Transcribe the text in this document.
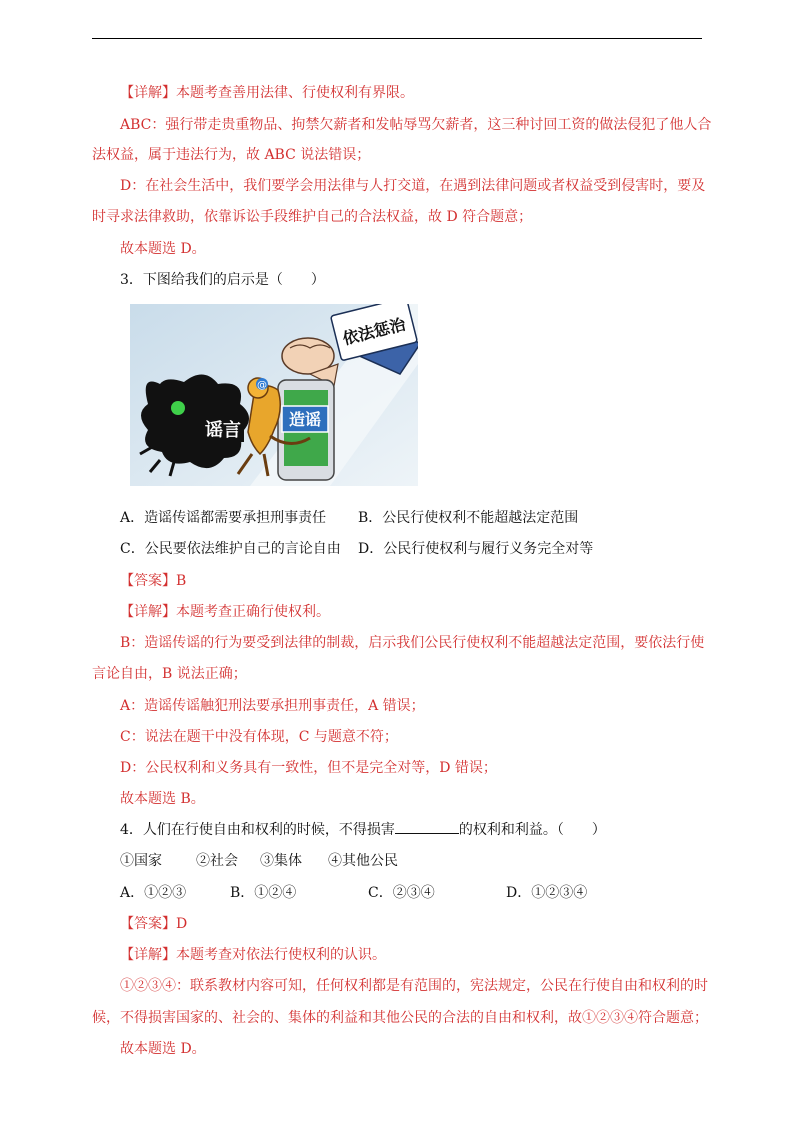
【详解】本题考查善用法律、行使权利有界限。
ABC：强行带走贵重物品、拘禁欠薪者和发帖辱骂欠薪者，这三种讨回工资的做法侵犯了他人合
法权益，属于违法行为，故 ABC 说法错误；
D：在社会生活中，我们要学会用法律与人打交道，在遇到法律问题或者权益受到侵害时，要及
时寻求法律救助，依靠诉讼手段维护自己的合法权益，故 D 符合题意；
故本题选 D。
3．下图给我们的启示是（　　）
@
谣言
造谣
依法惩治
A．造谣传谣都需要承担刑事责任 B．公民行使权利不能超越法定范围
C．公民要依法维护自己的言论自由 D．公民行使权利与履行义务完全对等
【答案】B
【详解】本题考查正确行使权利。
B：造谣传谣的行为要受到法律的制裁，启示我们公民行使权利不能超越法定范围，要依法行使
言论自由，B 说法正确；
A：造谣传谣触犯刑法要承担刑事责任，A 错误；
C：说法在题干中没有体现，C 与题意不符；
D：公民权利和义务具有一致性，但不是完全对等，D 错误；
故本题选 B。
4．人们在行使自由和权利的时候，不得损害	的权利和利益。（　　）
①国家 ②社会 ③集体 ④其他公民
A．①②③	B．①②④	C．②③④	D．①②③④
【答案】D
【详解】本题考查对依法行使权利的认识。
①②③④：联系教材内容可知，任何权利都是有范围的，宪法规定，公民在行使自由和权利的时
候，不得损害国家的、社会的、集体的利益和其他公民的合法的自由和权利，故①②③④符合题意；
故本题选 D。
